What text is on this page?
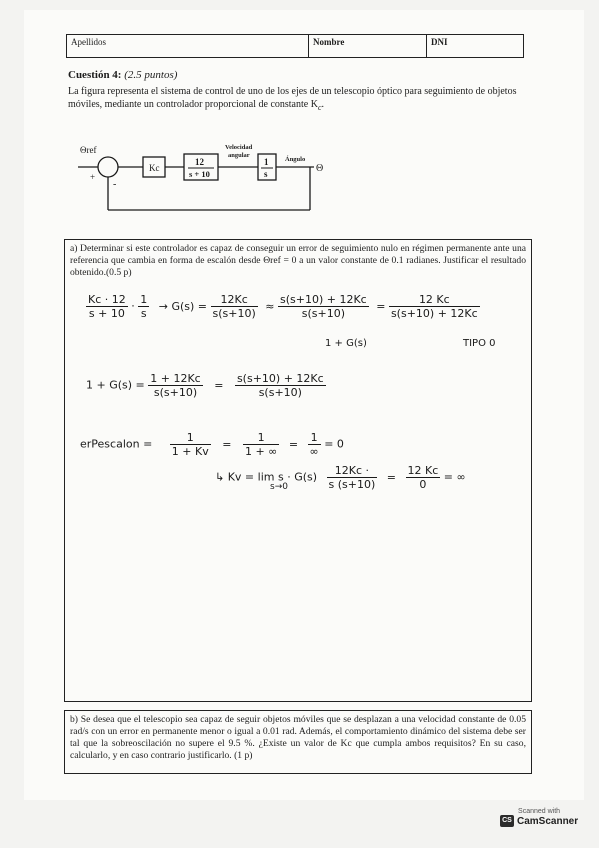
Apellidos	Nombre	DNI
Cuestión 4: (2.5 puntos)
La figura representa el sistema de control de uno de los ejes de un telescopio óptico para seguimiento de objetos móviles, mediante un controlador proporcional de constante $K_c$.
Θref
+
-
Kc
12
s + 10
Velocidad
angular
1
s
Ángulo
Θ
a) Determinar si este controlador es capaz de conseguir un error de seguimiento nulo en régimen permanente ante una referencia que cambia en forma de escalón desde Θref = 0 a un valor constante de 0.1 radianes. Justificar el resultado obtenido.(0.5 p)
$\frac{Kc \cdot 12}{s + 10} \cdot \frac{1}{s} \to G(s) = \frac{12Kc}{s(s+10)} \approx \frac{s(s+10) + 12Kc}{s(s+10)} = \frac{12 Kc}{s(s+10) + 12Kc}$
1 + G(s)	TIPO 0
$1 + G(s) = \frac{1 + 12Kc}{s(s+10)} = \frac{s(s+10) + 12Kc}{s(s+10)}$
erPescalon = $\frac{1}{1 + Kv} = \frac{1}{1 + \infty} = \frac{1}{\infty} = 0$
↳ $Kv = \lim s \cdot G(s) \frac{12Kc \cdot}{s (s+10)} = \frac{12 Kc}{0}$ = ∞
s→0
b) Se desea que el telescopio sea capaz de seguir objetos móviles que se desplazan a una velocidad constante de 0.05 rad/s con un error en permanente menor o igual a 0.01 rad. Además, el comportamiento dinámico del sistema debe ser tal que la sobreoscilación no supere el 9.5 %. ¿Existe un valor de Kc que cumpla ambos requisitos? En su caso, calcularlo, y en caso contrario justificarlo. (1 p)
Scanned with
CS CamScanner
